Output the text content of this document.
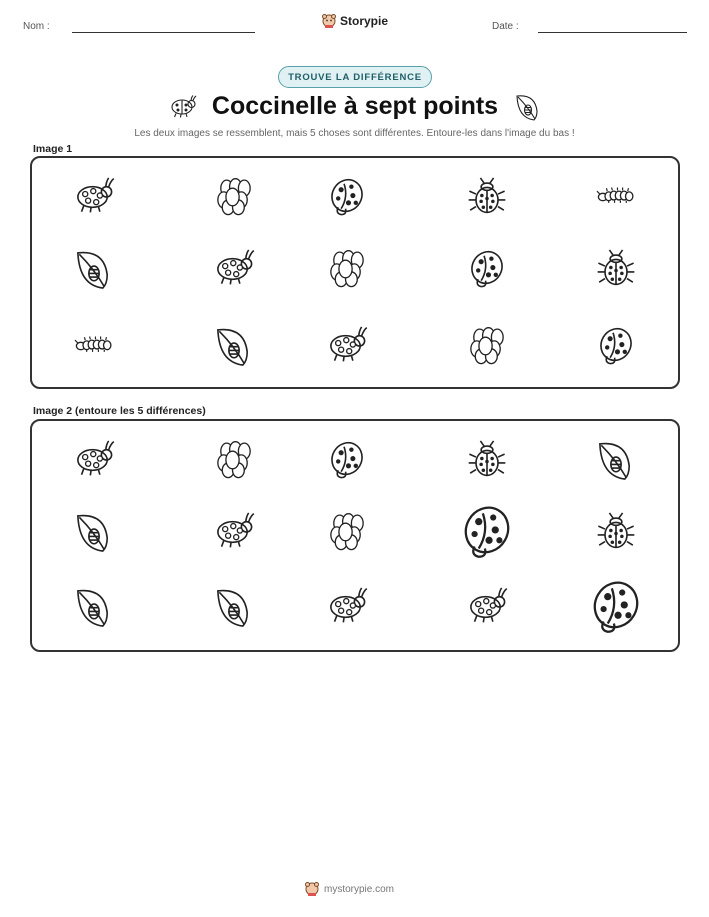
Nom :	Storypie	Date :
TROUVE LA DIFFÉRENCE
Coccinelle à sept points
Les deux images se ressemblent, mais 5 choses sont différentes. Entoure-les dans l'image du bas !
Image 1
Image 2 (entoure les 5 différences)
mystorypie.com
